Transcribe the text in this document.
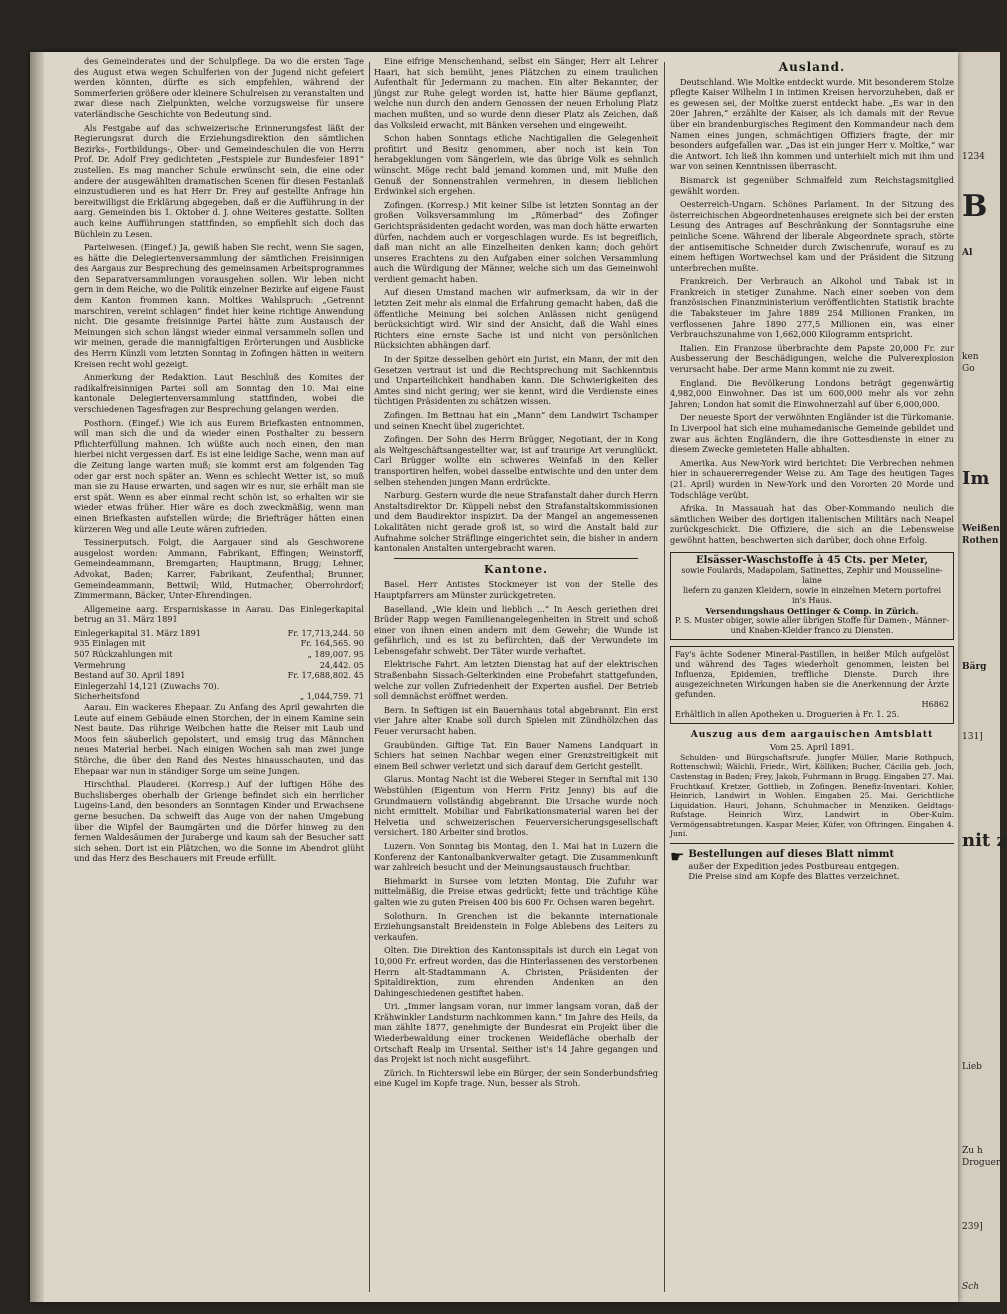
1234
B
Al
ken
Go
Im
Weißen
Rothen
Bärg
131]
nit z
Lieb
Zu h
Droguer
239]
Sch

des Gemeinderates und der Schulpflege. Da wo die ersten Tage des August etwa wegen Schulferien von der Jugend nicht gefeiert werden könnten, dürfte es sich empfehlen, während der Sommerferien größere oder kleinere Schulreisen zu veranstalten und zwar diese nach Zielpunkten, welche vorzugsweise für unsere vaterländische Geschichte von Bedeutung sind.

Als Festgabe auf das schweizerische Erinnerungsfest läßt der Regierungsrat durch die Erziehungsdirektion den sämtlichen Bezirks-, Fortbildungs-, Ober- und Gemeindeschulen die von Herrn Prof. Dr. Adolf Frey gedichteten „Festspiele zur Bundesfeier 1891“ zustellen. Es mag mancher Schule erwünscht sein, die eine oder andere der ausgewählten dramatischen Scenen für diesen Festanlaß einzustudieren und es hat Herr Dr. Frey auf gestellte Anfrage hin bereitwilligst die Erklärung abgegeben, daß er die Aufführung in der aarg. Gemeinden bis 1. Oktober d. J. ohne Weiteres gestatte. Sollten auch keine Aufführungen stattfinden, so empfiehlt sich doch das Büchlein zu Lesen.

Parteiwesen. (Eingef.) Ja, gewiß haben Sie recht, wenn Sie sagen, es hätte die Delegiertenversammlung der sämtlichen Freisinnigen des Aargaus zur Besprechung des gemeinsamen Arbeitsprogrammes den Separatversammlungen vorausgehen sollen. Wir leben nicht gern in dem Reiche, wo die Politik einzelner Bezirke auf eigene Faust dem Kanton frommen kann. Moltkes Wahlspruch: „Getrennt marschiren, vereint schlagen“ findet hier keine richtige Anwendung nicht. Die gesamte freisinnige Partei hätte zum Austausch der Meinungen sich schon längst wieder einmal versammeln sollen und wir meinen, gerade die mannigfaltigen Erörterungen und Ausblicke des Herrn Künzli vom letzten Sonntag in Zofingen hätten in weitern Kreisen recht wohl gezeigt.

Anmerkung der Redaktion. Laut Beschluß des Komites der radikalfreisinnigen Partei soll am Sonntag den 10. Mai eine kantonale Delegiertenversammlung stattfinden, wobei die verschiedenen Tagesfragen zur Besprechung gelangen werden.

Posthorn. (Eingef.) Wie ich aus Eurem Briefkasten entnommen, will man sich die und da wieder einen Posthalter zu bessern Pflichterfüllung mahnen. Ich wüßte auch noch einen, den man hierbei nicht vergessen darf. Es ist eine leidige Sache, wenn man auf die Zeitung lange warten muß; sie kommt erst am folgenden Tag oder gar erst noch später an. Wenn es schlecht Wetter ist, so muß man sie zu Hause erwarten, und sagen wir es nur, sie erhält man sie erst spät. Wenn es aber einmal recht schön ist, so erhalten wir sie wieder etwas früher. Hier wäre es doch zweckmäßig, wenn man einen Briefkasten aufstellen würde; die Briefträger hätten einen kürzeren Weg und alle Leute wären zufrieden.

Tessinerputsch. Folgt, die Aargauer sind als Geschworene ausgelost worden: Ammann, Fabrikant, Effingen; Weinstorff, Gemeindeammann, Bremgarten; Hauptmann, Brugg; Lehner, Advokat, Baden; Karrer, Fabrikant, Zeufenthal; Brunner, Gemeindeammann, Bettwil; Wild, Hutmacher, Oberrohrdorf; Zimmermann, Bäcker, Unter-Ehrendingen.

Allgemeine aarg. Ersparniskasse in Aarau. Das Einlegerkapital betrug an 31. März 1891

Einlegerkapital 31. März 1891	Fr. 17,713,244. 50
935 Einlagen mit	Fr. 164,565. 90
507 Rückzahlungen mit	„ 189,007. 95
Vermehrung	24,442. 05
Bestand auf 30. April 1891	Fr. 17,688,802. 45
Einlegerzahl 14,121 (Zuwachs 70).
Sicherheitsfond	„ 1,044,759. 71

Aarau. Ein wackeres Ehepaar. Zu Anfang des April gewahrten die Leute auf einem Gebäude einen Storchen, der in einem Kamine sein Nest baute. Das rührige Weibchen hatte die Reiser mit Laub und Moos fein säuberlich gepolstert, und emsig trug das Männchen neues Material herbei. Nach einigen Wochen sah man zwei junge Störche, die über den Rand des Nestes hinausschauten, und das Ehepaar war nun in ständiger Sorge um seine Jungen.

Hirschthal. Plauderei. (Korresp.) Auf der luftigen Höhe des Buchslisberges oberhalb der Grienge befindet sich ein herrlicher Lugeins-Land, den besonders an Sonntagen Kinder und Erwachsene gerne besuchen. Da schweift das Auge von der nahen Umgebung über die Wipfel der Baumgärten und die Dörfer hinweg zu den fernen Waldesäumen der Juraberge und kaum sah der Besucher satt sich sehen. Dort ist ein Plätzchen, wo die Sonne im Abendrot glüht und das Herz des Beschauers mit Freude erfüllt.

Eine eifrige Menschenhand, selbst ein Sänger, Herr alt Lehrer Haari, hat sich bemüht, jenes Plätzchen zu einem traulichen Aufenthalt für Jedermann zu machen. Ein alter Bekannter, der jüngst zur Ruhe gelegt worden ist, hatte hier Bäume gepflanzt, welche nun durch den andern Genossen der neuen Erholung Platz machen mußten, und so wurde denn dieser Platz als Zeichen, daß das Volksleid erwacht, mit Bänken versehen und eingeweiht.

Schon haben Sonntags etliche Nachtigallen die Gelegenheit profitirt und Besitz genommen, aber noch ist kein Ton herabgeklungen vom Sängerlein, wie das übrige Volk es sehnlich wünscht. Möge recht bald jemand kommen und, mit Muße den Genuß der Sonnenstrahlen vermehren, in diesem lieblichen Erdwinkel sich ergehen.

Zofingen. (Korresp.) Mit keiner Silbe ist letzten Sonntag an der großen Volksversammlung im „Römerbad“ des Zofinger Gerichtspräsidenten gedacht worden, was man doch hätte erwarten dürfen, nachdem auch er vorgeschlagen wurde. Es ist begreiflich, daß man nicht an alle Einzelheiten denken kann; doch gehört unseres Erachtens zu den Aufgaben einer solchen Versammlung auch die Würdigung der Männer, welche sich um das Gemeinwohl verdient gemacht haben.

Auf diesen Umstand machen wir aufmerksam, da wir in der letzten Zeit mehr als einmal die Erfahrung gemacht haben, daß die öffentliche Meinung bei solchen Anlässen nicht genügend berücksichtigt wird. Wir sind der Ansicht, daß die Wahl eines Richters eine ernste Sache ist und nicht von persönlichen Rücksichten abhängen darf.

In der Spitze desselben gehört ein Jurist, ein Mann, der mit den Gesetzen vertraut ist und die Rechtsprechung mit Sachkenntnis und Unparteilichkeit handhaben kann. Die Schwierigkeiten des Amtes sind nicht gering; wer sie kennt, wird die Verdienste eines tüchtigen Präsidenten zu schätzen wissen.

Zofingen. Im Bettnau hat ein „Mann“ dem Landwirt Tschamper und seinen Knecht übel zugerichtet.

Zofingen. Der Sohn des Herrn Brügger, Negotiant, der in Kong als Weltgeschäftsangestellter war, ist auf traurige Art verunglückt. Carl Brügger wollte ein schweres Weinfaß in den Keller transportiren helfen, wobei dasselbe entwischte und den unter dem selben stehenden jungen Mann erdrückte.

Narburg. Gestern wurde die neue Strafanstalt daher durch Herrn Anstaltsdirektor Dr. Küppeli nebst den Strafanstaltskommissionen und dem Baudirektor inspizirt. Da der Mangel an angemessenen Lokalitäten nicht gerade groß ist, so wird die Anstalt bald zur Aufnahme solcher Sträflinge eingerichtet sein, die bisher in andern kantonalen Anstalten untergebracht waren.

Kantone.

Basel. Herr Antistes Stockmeyer ist von der Stelle des Hauptpfarrers am Münster zurückgetreten.

Baselland. „Wie klein und lieblich ...“ In Aesch geriethen drei Brüder Rapp wegen Familienangelegenheiten in Streit und schoß einer von ihnen einen andern mit dem Gewehr; die Wunde ist gefährlich, und es ist zu befürchten, daß der Verwundete im Lebensgefahr schwebt. Der Täter wurde verhaftet.

Elektrische Fahrt. Am letzten Dienstag hat auf der elektrischen Straßenbahn Sissach-Gelterkinden eine Probefahrt stattgefunden, welche zur vollen Zufriedenheit der Experten ausfiel. Der Betrieb soll demnächst eröffnet werden.

Bern. In Seftigen ist ein Bauernhaus total abgebrannt. Ein erst vier Jahre alter Knabe soll durch Spielen mit Zündhölzchen das Feuer verursacht haben.

Graubünden. Giftige Tat. Ein Bauer Namens Landquart in Schiers hat seinen Nachbar wegen einer Grenzstreitigkeit mit einem Beil schwer verletzt und sich darauf dem Gericht gestellt.

Glarus. Montag Nacht ist die Weberei Steger in Sernftal mit 130 Webstühlen (Eigentum von Herrn Fritz Jenny) bis auf die Grundmauern vollständig abgebrannt. Die Ursache wurde noch nicht ermittelt. Mobiliar und Fabrikationsmaterial waren bei der Helvetia und schweizerischen Feuerversicherungsgesellschaft versichert. 180 Arbeiter sind brotlos.

Luzern. Von Sonntag bis Montag, den 1. Mai hat in Luzern die Konferenz der Kantonalbankverwalter getagt. Die Zusammenkunft war zahlreich besucht und der Meinungsaustausch fruchtbar.

Biehmarkt in Sursee vom letzten Montag. Die Zufuhr war mittelmäßig, die Preise etwas gedrückt; fette und trächtige Kühe galten wie zu guten Preisen 400 bis 600 Fr. Ochsen waren begehrt.

Solothurn. In Grenchen ist die bekannte internationale Erziehungsanstalt Breidenstein in Folge Ablebens des Leiters zu verkaufen.

Olten. Die Direktion des Kantonsspitals ist durch ein Legat von 10,000 Fr. erfreut worden, das die Hinterlassenen des verstorbenen Herrn alt-Stadtammann A. Christen, Präsidenten der Spitaldirektion, zum ehrenden Andenken an den Dahingeschiedenen gestiftet haben.

Uri. „Immer langsam voran, nur immer langsam voran, daß der Krähwinkler Landsturm nachkommen kann.“ Im Jahre des Heils, da man zählte 1877, genehmigte der Bundesrat ein Projekt über die Wiederbewaldung einer trockenen Weidefläche oberhalb der Ortschaft Realp im Ursental. Seither ist's 14 Jahre gegangen und das Projekt ist noch nicht ausgeführt.

Zürich. In Richterswil lebe ein Bürger, der sein Sonderbundsfrieg eine Kugel im Kopfe trage. Nun, besser als Stroh.

Ausland.

Deutschland. Wie Moltke entdeckt wurde. Mit besonderem Stolze pflegte Kaiser Wilhelm I in intimen Kreisen hervorzuheben, daß er es gewesen sei, der Moltke zuerst entdeckt habe. „Es war in den 20er Jahren,“ erzählte der Kaiser, als ich damals mit der Revue über ein brandenburgisches Regiment den Kommandeur nach dem Namen eines jungen, schmächtigen Offiziers fragte, der mir besonders aufgefallen war. „Das ist ein junger Herr v. Moltke,“ war die Antwort. Ich ließ ihn kommen und unterhielt mich mit ihm und war von seinen Kenntnissen überrascht.

Bismarck ist gegenüber Schmalfeld zum Reichstagsmitglied gewählt worden.

Oesterreich-Ungarn. Schönes Parlament. In der Sitzung des österreichischen Abgeordnetenhauses ereignete sich bei der ersten Lesung des Antrages auf Beschränkung der Sonntagsruhe eine peinliche Scene. Während der liberale Abgeordnete sprach, störte der antisemitische Schneider durch Zwischenrufe, worauf es zu einem heftigen Wortwechsel kam und der Präsident die Sitzung unterbrechen mußte.

Frankreich. Der Verbrauch an Alkohol und Tabak ist in Frankreich in stetiger Zunahme. Nach einer soeben von dem französischen Finanzministerium veröffentlichten Statistik brachte die Tabaksteuer im Jahre 1889 254 Millionen Franken, im verflossenen Jahre 1890 277,5 Millionen ein, was einer Verbrauchszunahme von 1,662,000 Kilogramm entspricht.

Italien. Ein Franzose überbrachte dem Papste 20,000 Fr. zur Ausbesserung der Beschädigungen, welche die Pulverexplosion verursacht habe. Der arme Mann kommt nie zu zweit.

England. Die Bevölkerung Londons beträgt gegenwärtig 4,982,000 Einwohner. Das ist um 600,000 mehr als vor zehn Jahren; London hat somit die Einwohnerzahl auf über 6,000,000.

Der neueste Sport der verwöhnten Engländer ist die Türkomanie. In Liverpool hat sich eine muhamedanische Gemeinde gebildet und zwar aus ächten Engländern, die ihre Gottesdienste in einer zu diesem Zwecke gemieteten Halle abhalten.

Amerika. Aus New-York wird berichtet: Die Verbrechen nehmen hier in schauererregender Weise zu. Am Tage des heutigen Tages (21. April) wurden in New-York und den Vororten 20 Morde und Todschläge verübt.

Afrika. In Massauah hat das Ober-Kommando neulich die sämtlichen Weiber des dortigen italienischen Militärs nach Neapel zurückgeschickt. Die Offiziere, die sich an die Lebensweise gewöhnt hatten, beschwerten sich darüber, doch ohne Erfolg.

Elsässer-Waschstoffe à 45 Cts. per Meter,
sowie Foulards, Madapolam, Satinettes, Zephir und Mousseline-laine
liefern zu ganzen Kleidern, sowie in einzelnen Metern portofrei in's Haus.
Versendungshaus Oettinger & Comp. in Zürich.
P. S. Muster obiger, sowie aller übrigen Stoffe für Damen-, Männer- und Knaben-Kleider franco zu Diensten.
Fay's ächte Sodener Mineral-Pastillen, in heißer Milch aufgelöst und während des Tages wiederholt genommen, leisten bei Influenza, Epidemien, treffliche Dienste. Durch ihre ausgezeichneten Wirkungen haben sie die Anerkennung der Ärzte gefunden.
H6862
Erhältlich in allen Apotheken u. Droguerien à Fr. 1. 25.
Auszug aus dem aargauischen Amtsblatt
Vom 25. April 1891.

Schulden- und Bürgschaftsrufe. Jungfer Müller, Marie Rothpuch, Rottenschwil; Wälchli, Friedr., Wirt, Kölliken; Bucher, Cäcilia geb. Joch, Castenstag in Baden; Frey, Jakob, Fuhrmann in Brugg. Eingaben 27. Mai. Fruchtkauf. Kretzer, Gottlieb, in Zofingen. Benefiz-Inventari. Kohler, Heinrich, Landwirt in Wohlen. Eingaben 25. Mai. Gerichtliche Liquidation. Hauri, Johann, Schuhmacher in Menziken. Geldtags-Rufstage. Heinrich Wirz, Landwirt in Ober-Kulm. Vermögensabtretungen. Kaspar Meier, Küfer, von Oftringen. Eingaben 4. Juni.

☛ Bestellungen auf dieses Blatt nimmt
außer der Expedition jedes Postbureau entgegen.
Die Preise sind am Kopfe des Blattes verzeichnet.
